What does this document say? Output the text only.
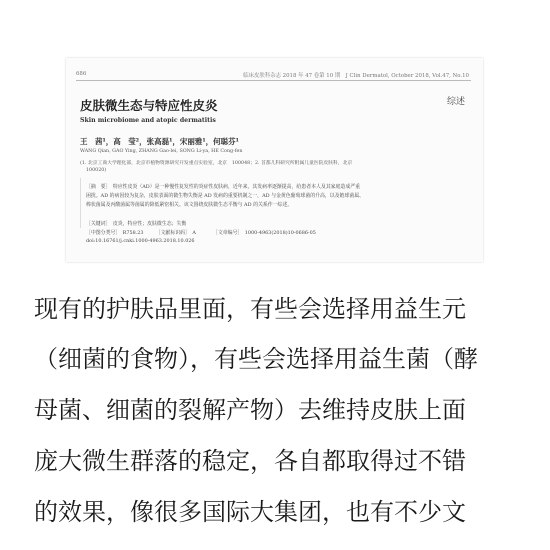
686	临床皮肤科杂志 2018 年 47 卷第 10 期　J Clin Dermatol, October 2018, Vol.47, No.10
皮肤微生态与特应性皮炎	综述
Skin microbiome and atopic dermatitis
王　茜¹，高　莹²，张高磊¹，宋丽雅¹，何聪芬¹
WANG Qian, GAO Ying, ZHANG Gao-lei, SONG Li-ya, HE Cong-fen
(1. 北京工商大学理化部，北京市植物资源研究开发重点实验室，北京　100048；2. 首都儿科研究所附属儿童医院皮肤科，北京
100020)
［摘　要］　特应性皮炎（AD）是一种慢性复发性的炎症性皮肤病，近年来，其发病率逐渐提高，给患者本人及其家庭造成严重
困扰。AD 的病因较为复杂，皮肤表面的微生物失衡是 AD 发病的重要机制之一，AD 与金黄色葡萄球菌的升高，以及链球菌属、
棒状菌属及丙酸菌属等菌属的降低紧密相关。该文围绕皮肤微生态平衡与 AD 的关系作一综述。
［关键词］　皮炎，特应性；皮肤微生态；失衡
［中图分类号］　R758.23　　　［文献标识码］　A　　　　［文章编号］　1000-4963(2018)10-0686-05
doi:10.16761/j.cnki.1000-4963.2018.10.026
现有的护肤品里面，有些会选择用益生元
（细菌的食物），有些会选择用益生菌（酵
母菌、细菌的裂解产物）去维持皮肤上面
庞大微生群落的稳定，各自都取得过不错
的效果，像很多国际大集团，也有不少文
